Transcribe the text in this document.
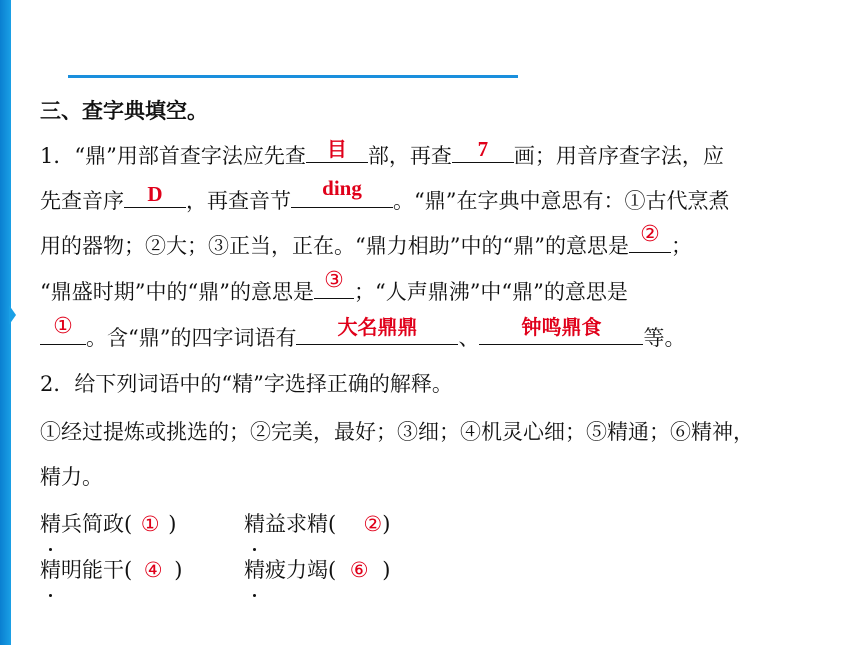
三、查字典填空。
1．“鼎”用部首查字法应先查	目	部，再查	7	画；用音序查字法，应
先查音序	D	，再查音节
ding
。“鼎”在字典中意思有：①古代烹煮
用的器物；②大；③正当，正在。“鼎力相助”中的“鼎”的意思是 ② ；
“鼎盛时期”中的“鼎”的意思是 ③ ；“人声鼎沸”中“鼎”的意思是
① 。含“鼎”的四字词语有	大名鼎鼎	、	钟鸣鼎食	等。
2．给下列词语中的“精”字选择正确的解释。
①经过提炼或挑选的；②完美，最好；③细；④机灵心细；⑤精通；⑥精神，
精力。
精兵简政( ① )	精益求精( ②)
精明能干( ④ )	精疲力竭( ⑥ )
